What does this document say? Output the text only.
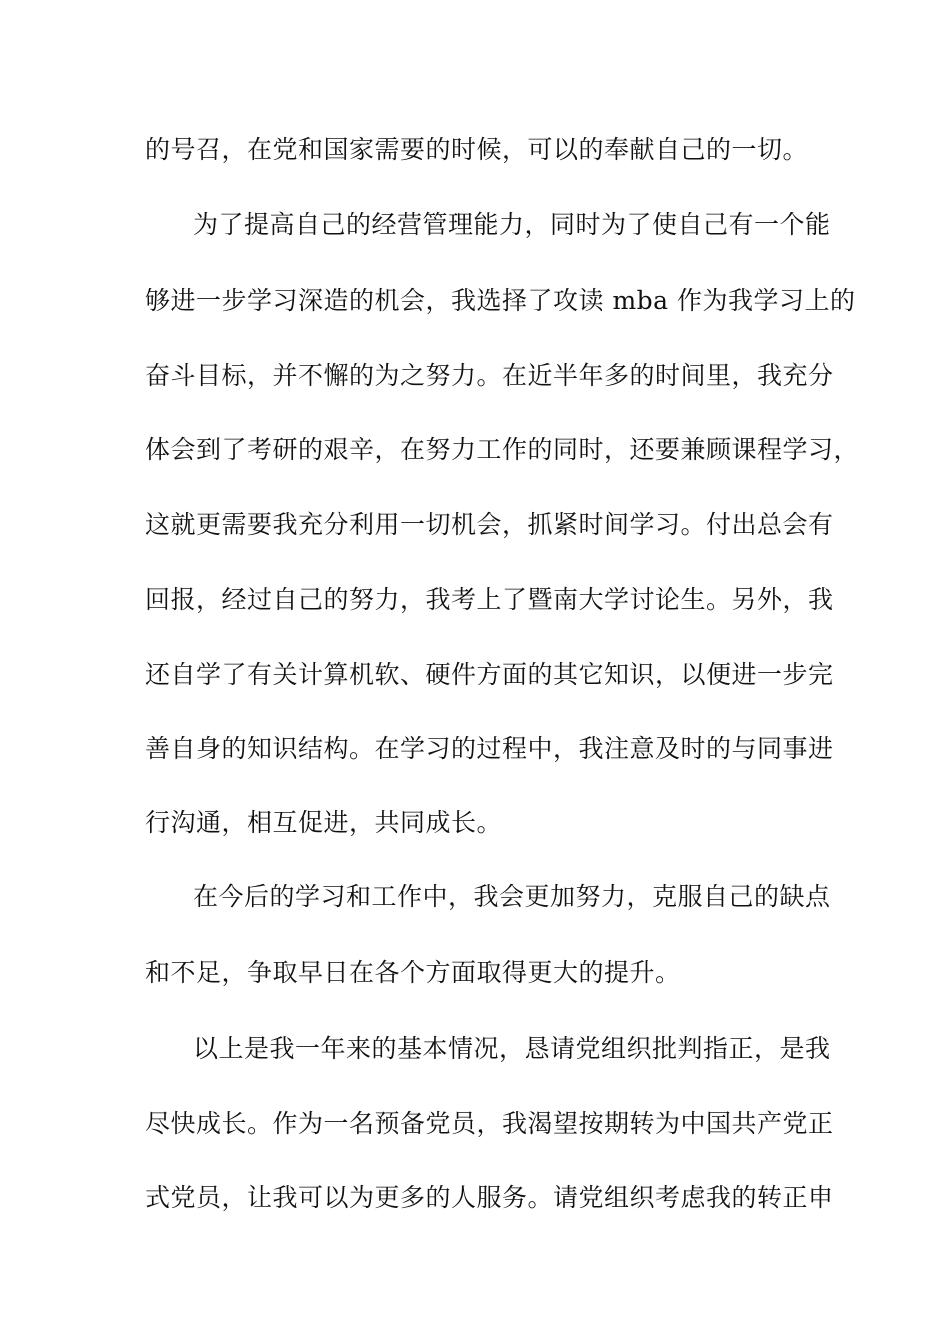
的号召，在党和国家需要的时候，可以的奉献自己的一切。
为了提高自己的经营管理能力，同时为了使自己有一个能
够进一步学习深造的机会，我选择了攻读 mba 作为我学习上的
奋斗目标，并不懈的为之努力。在近半年多的时间里，我充分
体会到了考研的艰辛，在努力工作的同时，还要兼顾课程学习，
这就更需要我充分利用一切机会，抓紧时间学习。付出总会有
回报，经过自己的努力，我考上了暨南大学讨论生。另外，我
还自学了有关计算机软、硬件方面的其它知识，以便进一步完
善自身的知识结构。在学习的过程中，我注意及时的与同事进
行沟通，相互促进，共同成长。
在今后的学习和工作中，我会更加努力，克服自己的缺点
和不足，争取早日在各个方面取得更大的提升。
以上是我一年来的基本情况，恳请党组织批判指正，是我
尽快成长。作为一名预备党员，我渴望按期转为中国共产党正
式党员，让我可以为更多的人服务。请党组织考虑我的转正申
